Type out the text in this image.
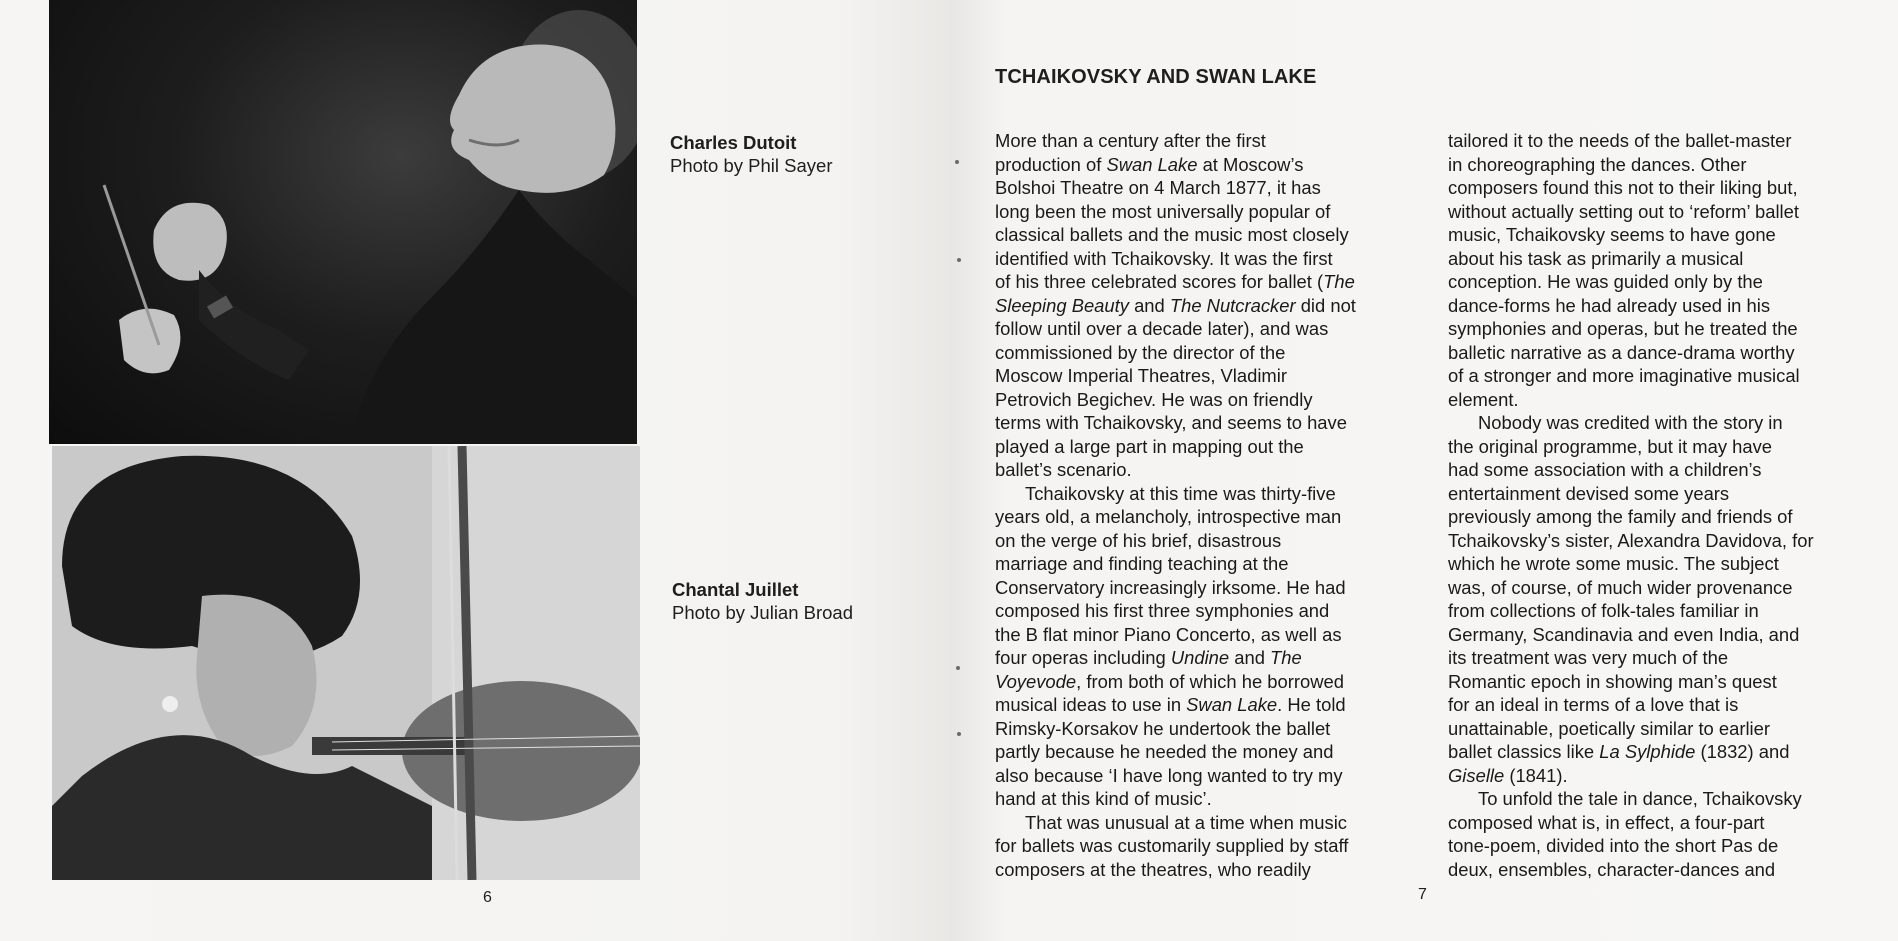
Charles Dutoit
Photo by Phil Sayer
Chantal Juillet
Photo by Julian Broad
6
TCHAIKOVSKY AND SWAN LAKE

More than a century after the first
production of Swan Lake at Moscow’s
Bolshoi Theatre on 4 March 1877, it has
long been the most universally popular of
classical ballets and the music most closely
identified with Tchaikovsky. It was the first
of his three celebrated scores for ballet (The
Sleeping Beauty and The Nutcracker did not
follow until over a decade later), and was
commissioned by the director of the
Moscow Imperial Theatres, Vladimir
Petrovich Begichev. He was on friendly
terms with Tchaikovsky, and seems to have
played a large part in mapping out the
ballet’s scenario.

Tchaikovsky at this time was thirty-five
years old, a melancholy, introspective man
on the verge of his brief, disastrous
marriage and finding teaching at the
Conservatory increasingly irksome. He had
composed his first three symphonies and
the B flat minor Piano Concerto, as well as
four operas including Undine and The
Voyevode, from both of which he borrowed
musical ideas to use in Swan Lake. He told
Rimsky-Korsakov he undertook the ballet
partly because he needed the money and
also because ‘I have long wanted to try my
hand at this kind of music’.

That was unusual at a time when music
for ballets was customarily supplied by staff
composers at the theatres, who readily

tailored it to the needs of the ballet-master
in choreographing the dances. Other
composers found this not to their liking but,
without actually setting out to ‘reform’ ballet
music, Tchaikovsky seems to have gone
about his task as primarily a musical
conception. He was guided only by the
dance-forms he had already used in his
symphonies and operas, but he treated the
balletic narrative as a dance-drama worthy
of a stronger and more imaginative musical
element.

Nobody was credited with the story in
the original programme, but it may have
had some association with a children’s
entertainment devised some years
previously among the family and friends of
Tchaikovsky’s sister, Alexandra Davidova, for
which he wrote some music. The subject
was, of course, of much wider provenance
from collections of folk-tales familiar in
Germany, Scandinavia and even India, and
its treatment was very much of the
Romantic epoch in showing man’s quest
for an ideal in terms of a love that is
unattainable, poetically similar to earlier
ballet classics like La Sylphide (1832) and
Giselle (1841).

To unfold the tale in dance, Tchaikovsky
composed what is, in effect, a four-part
tone-poem, divided into the short Pas de
deux, ensembles, character-dances and

7
